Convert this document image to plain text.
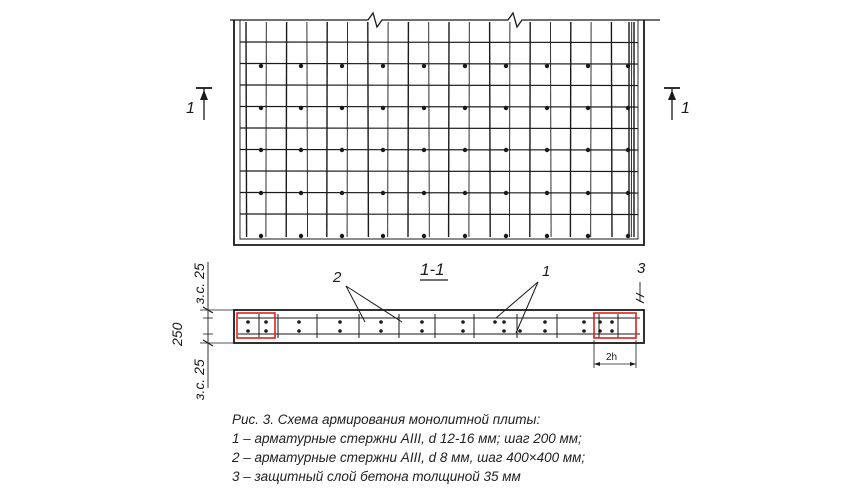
1	1
1-1
2	1	3
2h
з.с. 25
250
з.с. 25
Рис. 3. Схема армирования монолитной плиты:
1 – арматурные стержни AIII, d 12-16 мм; шаг 200 мм;
2 – арматурные стержни AIII, d 8 мм, шаг 400×400 мм;
3 – защитный слой бетона толщиной 35 мм
